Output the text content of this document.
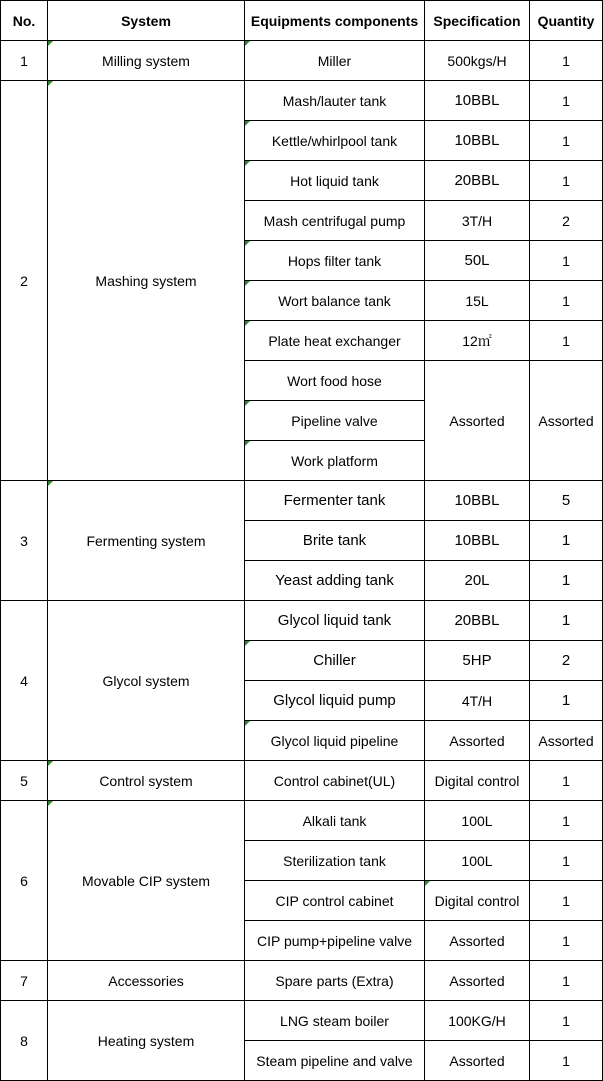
No.	System	Equipments components	Specification	Quantity
1	Milling system	Miller	500kgs/H	1
2	Mashing system	Mash/lauter tank	10BBL	1
		Kettle/whirlpool tank	10BBL	1
		Hot liquid tank	20BBL	1
		Mash centrifugal pump	3T/H	2
		Hops filter tank	50L	1
		Wort balance tank	15L	1
		Plate heat exchanger	12㎡	1
		Wort food hose	Assorted	Assorted
		Pipeline valve		
		Work platform		
3	Fermenting system	Fermenter tank	10BBL	5
		Brite tank	10BBL	1
		Yeast adding tank	20L	1
4	Glycol system	Glycol liquid tank	20BBL	1
		Chiller	5HP	2
		Glycol liquid pump	4T/H	1
		Glycol liquid pipeline	Assorted	Assorted
5	Control system	Control cabinet(UL)	Digital control	1
6	Movable CIP system	Alkali tank	100L	1
		Sterilization tank	100L	1
		CIP control cabinet	Digital control	1
		CIP pump+pipeline valve	Assorted	1
7	Accessories	Spare parts (Extra)	Assorted	1
8	Heating system	LNG steam boiler	100KG/H	1
		Steam pipeline and valve	Assorted	1
